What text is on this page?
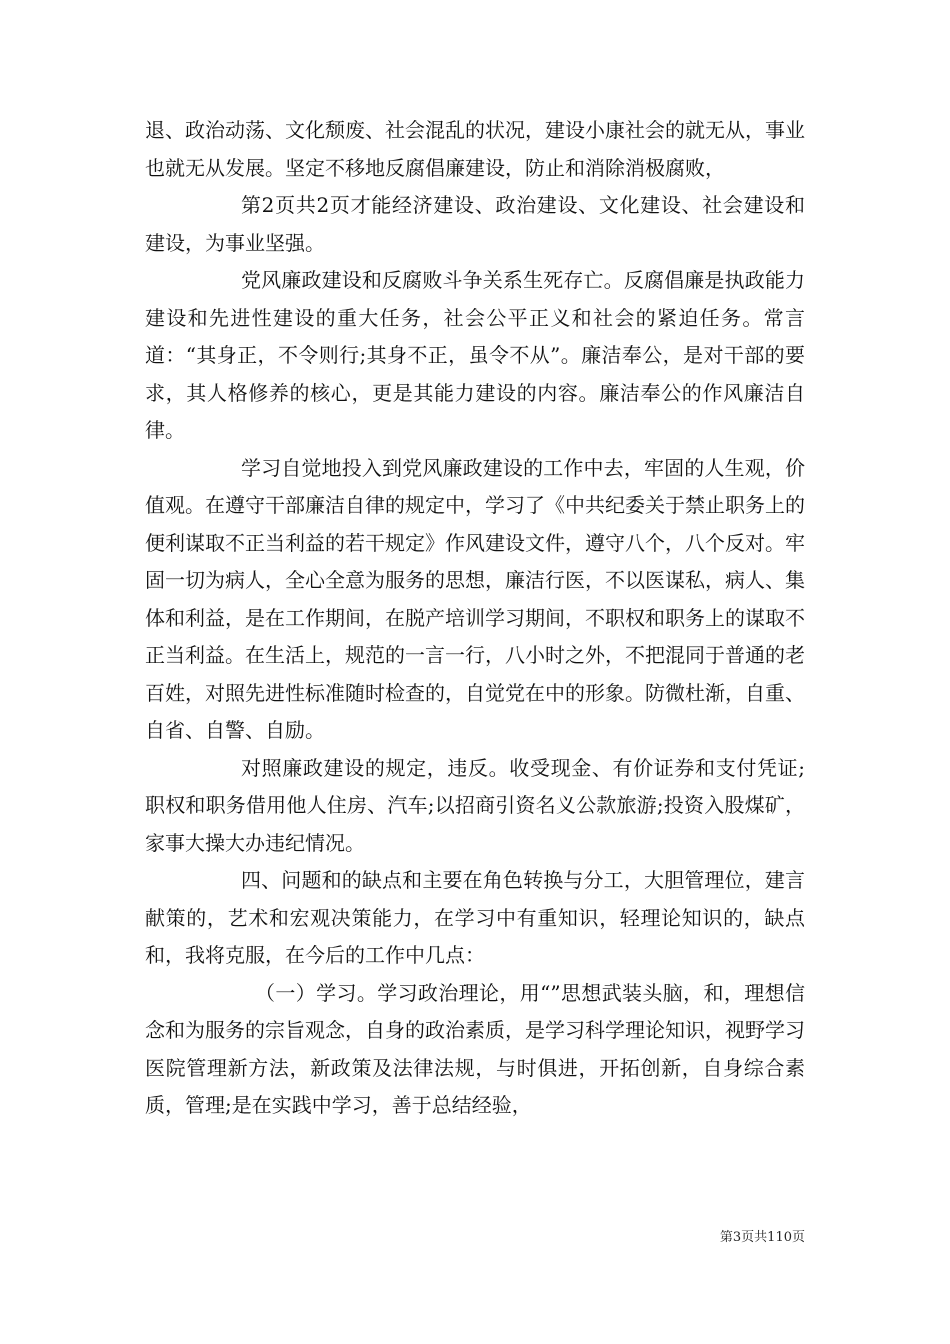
退、政治动荡、文化颓废、社会混乱的状况，建设小康社会的就无从，事业也就无从发展。坚定不移地反腐倡廉建设，防止和消除消极腐败，

第2页共2页才能经济建设、政治建设、文化建设、社会建设和建设，为事业坚强。

党风廉政建设和反腐败斗争关系生死存亡。反腐倡廉是执政能力建设和先进性建设的重大任务，社会公平正义和社会的紧迫任务。常言道：“其身正，不令则行;其身不正，虽令不从”。廉洁奉公，是对干部的要求，其人格修养的核心，更是其能力建设的内容。廉洁奉公的作风廉洁自律。

学习自觉地投入到党风廉政建设的工作中去，牢固的人生观，价值观。在遵守干部廉洁自律的规定中，学习了《中共纪委关于禁止职务上的便利谋取不正当利益的若干规定》作风建设文件，遵守八个，八个反对。牢固一切为病人，全心全意为服务的思想，廉洁行医，不以医谋私，病人、集体和利益，是在工作期间，在脱产培训学习期间，不职权和职务上的谋取不正当利益。在生活上，规范的一言一行，八小时之外，不把混同于普通的老百姓，对照先进性标准随时检查的，自觉党在中的形象。防微杜渐，自重、自省、自警、自励。

对照廉政建设的规定，违反。收受现金、有价证券和支付凭证;职权和职务借用他人住房、汽车;以招商引资名义公款旅游;投资入股煤矿，家事大操大办违纪情况。

四、问题和的缺点和主要在角色转换与分工，大胆管理位，建言献策的，艺术和宏观决策能力，在学习中有重知识，轻理论知识的，缺点和，我将克服，在今后的工作中几点：

（一）学习。学习政治理论，用“”思想武装头脑，和，理想信念和为服务的宗旨观念，自身的政治素质，是学习科学理论知识，视野学习医院管理新方法，新政策及法律法规，与时俱进，开拓创新，自身综合素质，管理;是在实践中学习，善于总结经验，

第3页共110页
